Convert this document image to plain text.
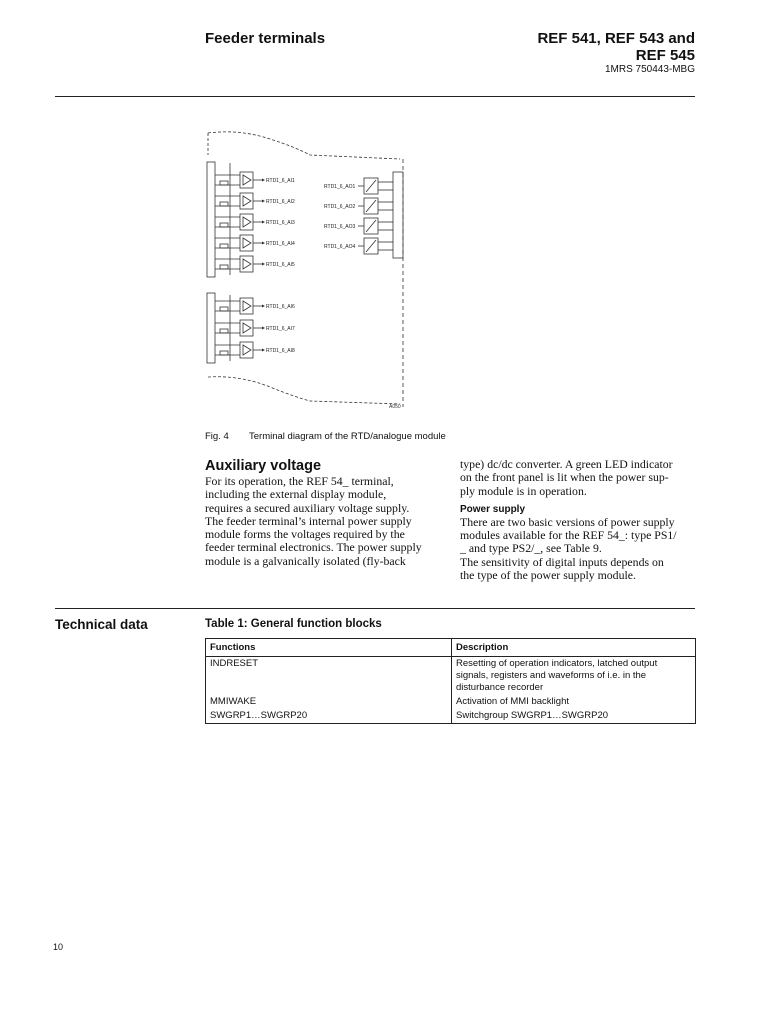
Feeder terminals	REF 541, REF 543 and
REF 545
1MRS 750443-MBG
RTD1_6_AI1
RTD1_6_AI2
RTD1_6_AI3
RTD1_6_AI4
RTD1_6_AI5
RTD1_6_AI6
RTD1_6_AI7
RTD1_6_AI8
RTD1_6_AO1
RTD1_6_AO2
RTD1_6_AO3
RTD1_6_AO4
A050
Fig. 4 Terminal diagram of the RTD/analogue module
Auxiliary voltage
For its operation, the REF 54_ terminal,
including the external display module,
requires a secured auxiliary voltage supply.
The feeder terminal’s internal power supply
module forms the voltages required by the
feeder terminal electronics. The power supply
module is a galvanically isolated (fly-back
type) dc/dc converter. A green LED indicator
on the front panel is lit when the power sup-
ply module is in operation.
Power supply
There are two basic versions of power supply
modules available for the REF 54_: type PS1/
_ and type PS2/_, see Table 9.
The sensitivity of digital inputs depends on
the type of the power supply module.
Technical data	Table 1: General function blocks
Functions	Description
INDRESET	Resetting of operation indicators, latched output
signals, registers and waveforms of i.e. in the
disturbance recorder

MMIWAKE	Activation of MMI backlight

SWGRP1…SWGRP20	Switchgroup SWGRP1…SWGRP20
10
